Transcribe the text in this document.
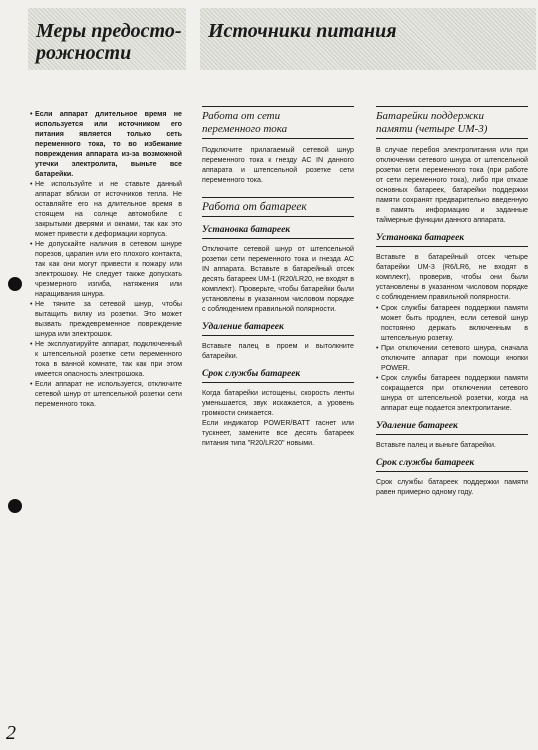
Меры предосто-
рожности
Источники питания

• Если аппарат длительное время не используется или источником его питания является только сеть переменного тока, то во избежание повреждения аппарата из-за возможной утечки электролита, выньте все батарейки.

• Не используйте и не ставьте данный аппарат вблизи от источников тепла. Не оставляйте его на длительное время в стоящем на солнце автомобиле с закрытыми дверями и окнами, так как это может привести к деформации корпуса.

• Не допускайте наличия в сетевом шнуре порезов, царапин или его плохого контакта, так как они могут привести к пожару или электрошоку. Не следует также допускать чрезмерного изгиба, натяжения или наращивания шнура.

• Не тяните за сетевой шнур, чтобы вытащить вилку из розетки. Это может вызвать преждевременное повреждение шнура или электрошок.

• Не эксплуатируйте аппарат, подключенный к штепсельной розетке сети переменного тока в ванной комнате, так как при этом имеется опасность электрошока.

• Если аппарат не используется, отключите сетевой шнур от штепсельной розетки сети переменного тока.

Работа от сети
переменного тока

Подключите прилагаемый сетевой шнур переменного тока к гнезду AC IN данного аппарата и штепсельной розетке сети переменного тока.

Работа от батареек
Установка батареек

Отключите сетевой шнур от штепсельной розетки сети переменного тока и гнезда AC IN аппарата. Вставьте в батарейный отсек десять батареек UM-1 (R20/LR20, не входят в комплект). Проверьте, чтобы батарейки были установлены в указанном числовом порядке с соблюдением правильной полярности.

Удаление батареек

Вставьте палец в проем и вытолкните батарейки.

Срок службы батареек

Когда батарейки истощены, скорость ленты уменьшается, звук искажается, а уровень громкости снижается.

Если индикатор POWER/BATT гаснет или тускнеет, замените все десять батареек питания типа "R20/LR20" новыми.

Батарейки поддержки
памяти (четыре UM-3)

В случае перебоя электропитания или при отключении сетевого шнура от штепсельной розетки сети переменного тока (при работе от сети переменного тока), либо при отказе основных батареек, батарейки поддержки памяти сохранят предварительно введенную в память информацию и заданные таймерные функции данного аппарата.

Установка батареек

Вставьте в батарейный отсек четыре батарейки UM-3 (R6/LR6, не входят в комплект), проверив, чтобы они были установлены в указанном числовом порядке с соблюдением правильной полярности.

• Срок службы батареек поддержки памяти может быть продлен, если сетевой шнур постоянно держать включенным в штепсельную розетку.

• При отключении сетевого шнура, сначала отключите аппарат при помощи кнопки POWER.

• Срок службы батареек поддержки памяти сокращается при отключении сетевого шнура от штепсельной розетки, когда на аппарат еще подается электропитание.

Удаление батареек

Вставьте палец и выньте батарейки.

Срок службы батареек

Срок службы батареек поддержки памяти равен примерно одному году.

2
